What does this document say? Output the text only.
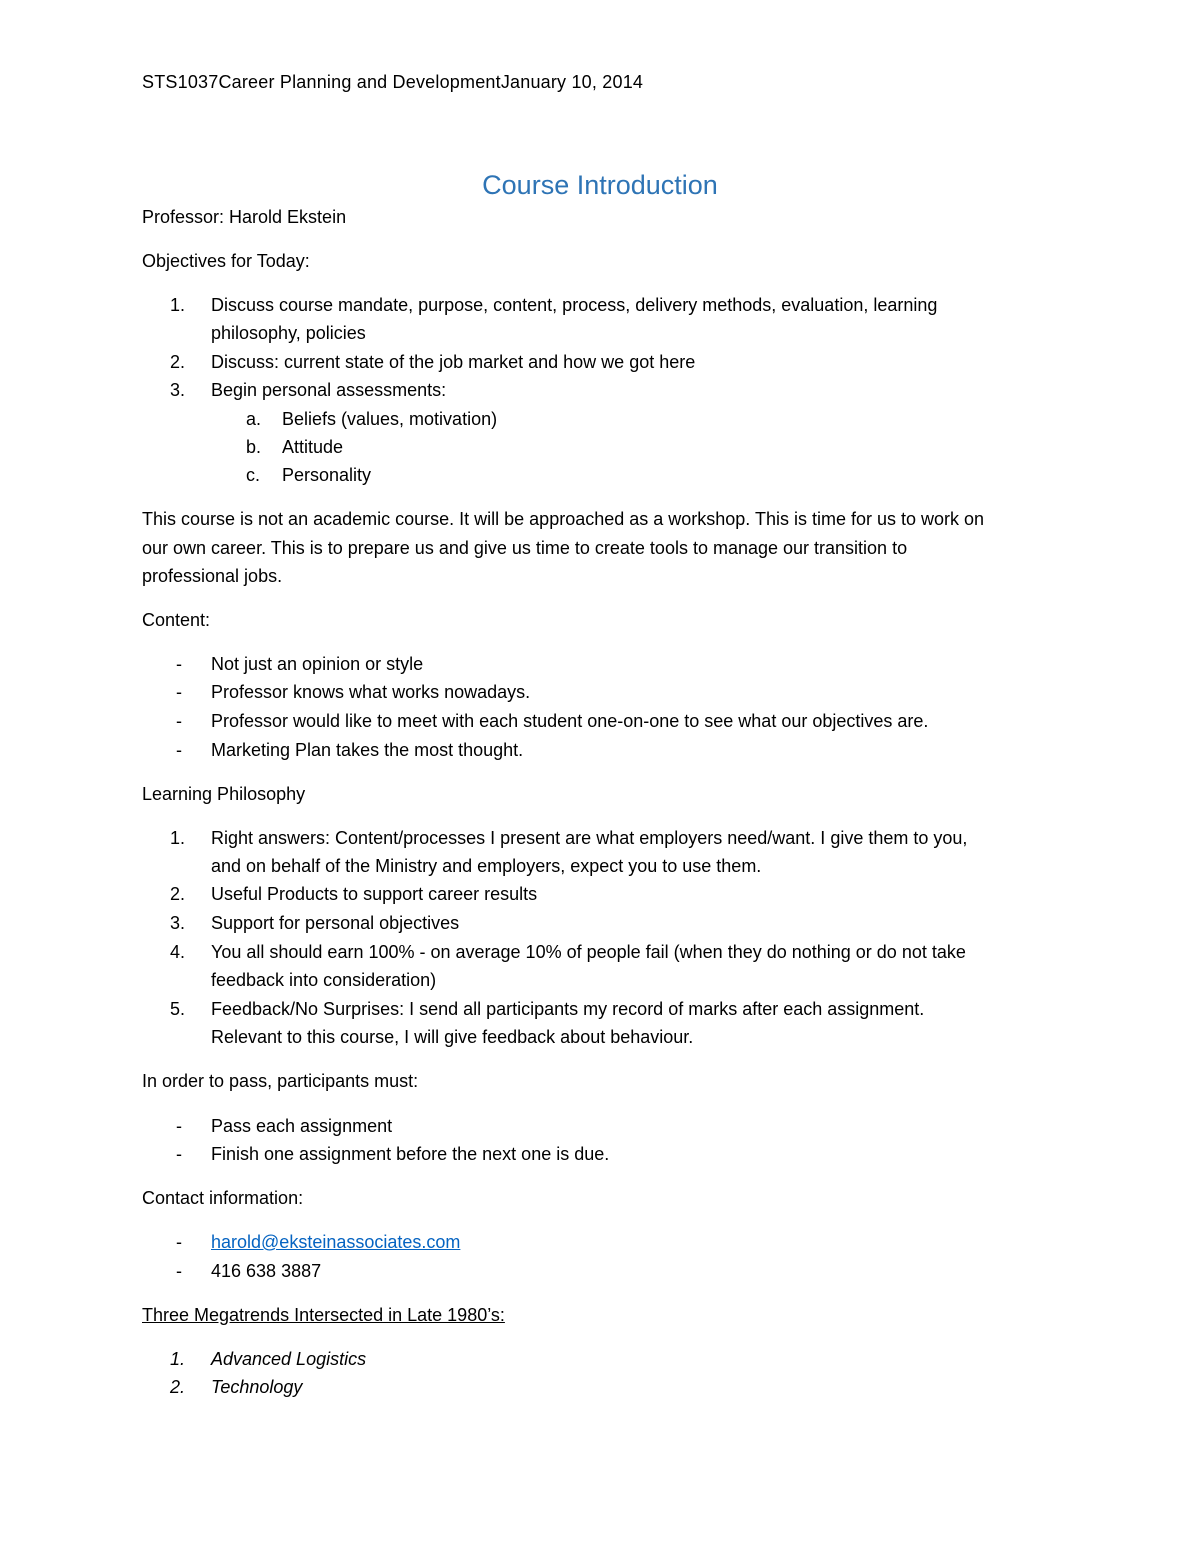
STS1037Career Planning and DevelopmentJanuary 10, 2014
Course Introduction
Professor: Harold Ekstein
Objectives for Today:
1. Discuss course mandate, purpose, content, process, delivery methods, evaluation, learning
philosophy, policies
2. Discuss: current state of the job market and how we got here
3. Begin personal assessments:
a. Beliefs (values, motivation)
b. Attitude
c. Personality
This course is not an academic course. It will be approached as a workshop. This is time for us to work on
our own career. This is to prepare us and give us time to create tools to manage our transition to
professional jobs.
Content:
- Not just an opinion or style
- Professor knows what works nowadays.
- Professor would like to meet with each student one-on-one to see what our objectives are.
- Marketing Plan takes the most thought.
Learning Philosophy
1. Right answers: Content/processes I present are what employers need/want. I give them to you,
and on behalf of the Ministry and employers, expect you to use them.
2. Useful Products to support career results
3. Support for personal objectives
4. You all should earn 100% - on average 10% of people fail (when they do nothing or do not take
feedback into consideration)
5. Feedback/No Surprises: I send all participants my record of marks after each assignment.
Relevant to this course, I will give feedback about behaviour.
In order to pass, participants must:
- Pass each assignment
- Finish one assignment before the next one is due.
Contact information:
- harold@eksteinassociates.com
- 416 638 3887
Three Megatrends Intersected in Late 1980’s:
1. Advanced Logistics
2. Technology
